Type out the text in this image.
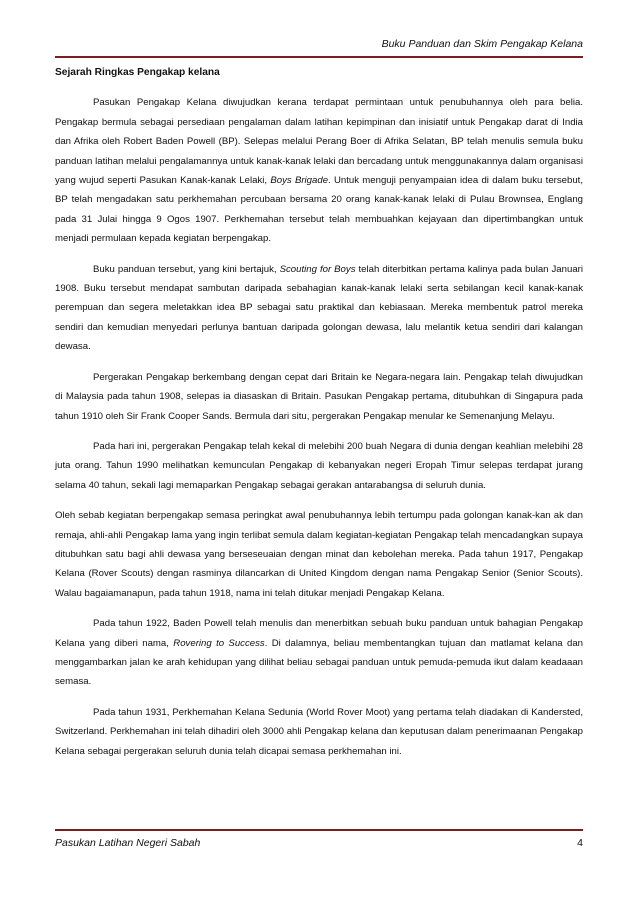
Buku Panduan dan Skim Pengakap Kelana
Sejarah Ringkas Pengakap kelana

Pasukan Pengakap Kelana diwujudkan kerana terdapat permintaan untuk penubuhannya oleh para belia. Pengakap bermula sebagai persediaan pengalaman dalam latihan kepimpinan dan inisiatif untuk Pengakap darat di India dan Afrika oleh Robert Baden Powell (BP). Selepas melalui Perang Boer di Afrika Selatan, BP telah menulis semula buku panduan latihan melalui pengalamannya untuk kanak-kanak lelaki dan bercadang untuk menggunakannya dalam organisasi yang wujud seperti Pasukan Kanak-kanak Lelaki, Boys Brigade. Untuk menguji penyampaian idea di dalam buku tersebut, BP telah mengadakan satu perkhemahan percubaan bersama 20 orang kanak-kanak lelaki di Pulau Brownsea, Englang pada 31 Julai hingga 9 Ogos 1907. Perkhemahan tersebut telah membuahkan kejayaan dan dipertimbangkan untuk menjadi permulaan kepada kegiatan berpengakap.

Buku panduan tersebut, yang kini bertajuk, Scouting for Boys telah diterbitkan pertama kalinya pada bulan Januari 1908. Buku tersebut mendapat sambutan daripada sebahagian kanak-kanak lelaki serta sebilangan kecil kanak-kanak perempuan dan segera meletakkan idea BP sebagai satu praktikal dan kebiasaan. Mereka membentuk patrol mereka sendiri dan kemudian menyedari perlunya bantuan daripada golongan dewasa, lalu melantik ketua sendiri dari kalangan dewasa.

Pergerakan Pengakap berkembang dengan cepat dari Britain ke Negara-negara lain. Pengakap telah diwujudkan di Malaysia pada tahun 1908, selepas ia diasaskan di Britain. Pasukan Pengakap pertama, ditubuhkan di Singapura pada tahun 1910 oleh Sir Frank Cooper Sands. Bermula dari situ, pergerakan Pengakap menular ke Semenanjung Melayu.

Pada hari ini, pergerakan Pengakap telah kekal di melebihi 200 buah Negara di dunia dengan keahlian melebihi 28 juta orang. Tahun 1990 melihatkan kemunculan Pengakap di kebanyakan negeri Eropah Timur selepas terdapat jurang selama 40 tahun, sekali lagi memaparkan Pengakap sebagai gerakan antarabangsa di seluruh dunia.

Oleh sebab kegiatan berpengakap semasa peringkat awal penubuhannya lebih tertumpu pada golongan kanak-kan ak dan remaja, ahli-ahli Pengakap lama yang ingin terlibat semula dalam kegiatan-kegiatan Pengakap telah mencadangkan supaya ditubuhkan satu bagi ahli dewasa yang berseseuaian dengan minat dan kebolehan mereka. Pada tahun 1917, Pengakap Kelana (Rover Scouts) dengan rasminya dilancarkan di United Kingdom dengan nama Pengakap Senior (Senior Scouts). Walau bagaiamanapun, pada tahun 1918, nama ini telah ditukar menjadi Pengakap Kelana.

Pada tahun 1922, Baden Powell telah menulis dan menerbitkan sebuah buku panduan untuk bahagian Pengakap Kelana yang diberi nama, Rovering to Success. Di dalamnya, beliau membentangkan tujuan dan matlamat kelana dan menggambarkan jalan ke arah kehidupan yang dilihat beliau sebagai panduan untuk pemuda-pemuda ikut dalam keadaaan semasa.

Pada tahun 1931, Perkhemahan Kelana Sedunia (World Rover Moot) yang pertama telah diadakan di Kandersted, Switzerland. Perkhemahan ini telah dihadiri oleh 3000 ahli Pengakap kelana dan keputusan dalam penerimaanan Pengakap Kelana sebagai pergerakan seluruh dunia telah dicapai semasa perkhemahan ini.

Pasukan Latihan Negeri Sabah	4
